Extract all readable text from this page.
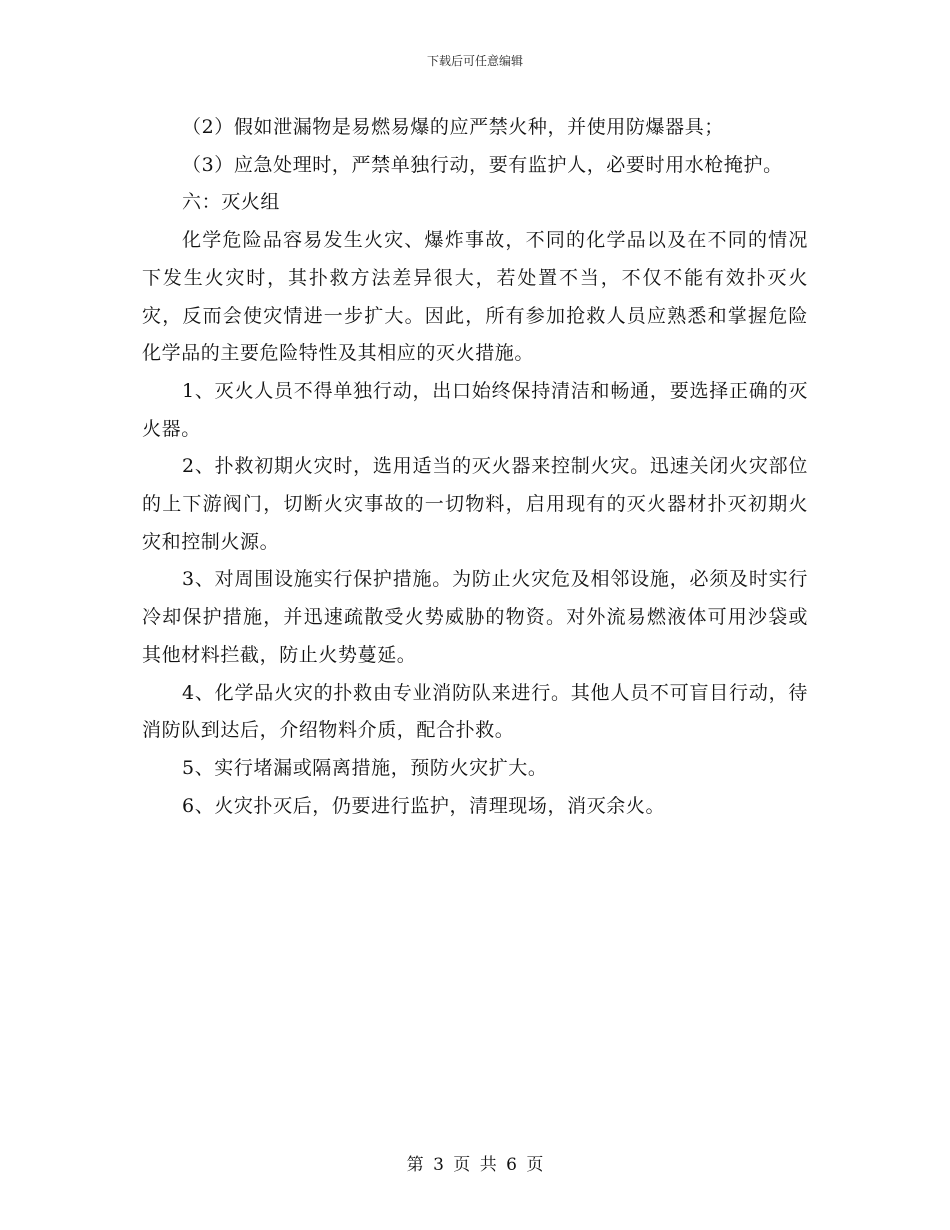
下载后可任意编辑

（2）假如泄漏物是易燃易爆的应严禁火种，并使用防爆器具；

（3）应急处理时，严禁单独行动，要有监护人，必要时用水枪掩护。

六：灭火组

化学危险品容易发生火灾、爆炸事故，不同的化学品以及在不同的情况下发生火灾时，其扑救方法差异很大，若处置不当，不仅不能有效扑灭火灾，反而会使灾情进一步扩大。因此，所有参加抢救人员应熟悉和掌握危险化学品的主要危险特性及其相应的灭火措施。

1、灭火人员不得单独行动，出口始终保持清洁和畅通，要选择正确的灭火器。

2、扑救初期火灾时，选用适当的灭火器来控制火灾。迅速关闭火灾部位的上下游阀门，切断火灾事故的一切物料，启用现有的灭火器材扑灭初期火灾和控制火源。

3、对周围设施实行保护措施。为防止火灾危及相邻设施，必须及时实行冷却保护措施，并迅速疏散受火势威胁的物资。对外流易燃液体可用沙袋或其他材料拦截，防止火势蔓延。

4、化学品火灾的扑救由专业消防队来进行。其他人员不可盲目行动，待消防队到达后，介绍物料介质，配合扑救。

5、实行堵漏或隔离措施，预防火灾扩大。

6、火灾扑灭后，仍要进行监护，清理现场，消灭余火。

第 3 页 共 6 页
